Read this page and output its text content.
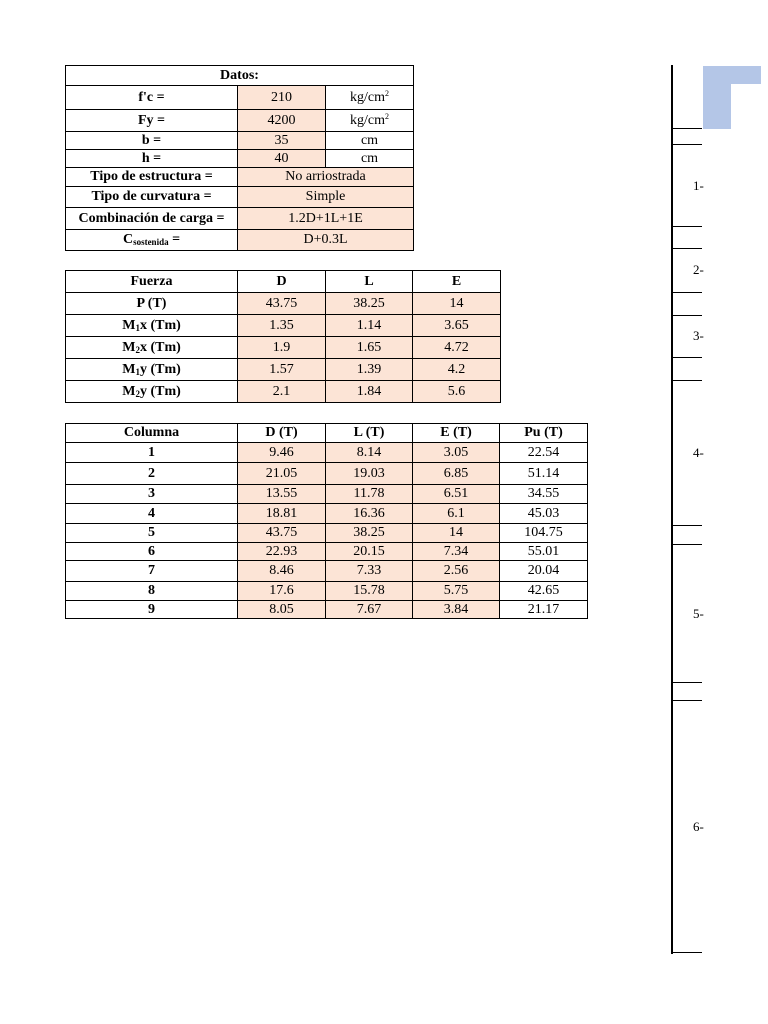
Datos:		
f'c =	210	$kg/cm^2$
Fy =	4200	$kg/cm^2$
b =	35	cm
h =	40	cm
Tipo de estructura =	No arriostrada	
Tipo de curvatura =	Simple	
Combinación de carga =	1.2D+1L+1E	
$C_{sostenida}$ =	D+0.3L	
Fuerza	D	L	E
P (T)	43.75	38.25	14
$M_1x$ (Tm)	1.35	1.14	3.65
$M_2x$ (Tm)	1.9	1.65	4.72
$M_1y$ (Tm)	1.57	1.39	4.2
$M_2y$ (Tm)	2.1	1.84	5.6
Columna	D (T)	L (T)	E (T)	Pu (T)
1	9.46	8.14	3.05	22.54
2	21.05	19.03	6.85	51.14
3	13.55	11.78	6.51	34.55
4	18.81	16.36	6.1	45.03
5	43.75	38.25	14	104.75
6	22.93	20.15	7.34	55.01
7	8.46	7.33	2.56	20.04
8	17.6	15.78	5.75	42.65
9	8.05	7.67	3.84	21.17
1-
2-
3-
4-
5-
6-
